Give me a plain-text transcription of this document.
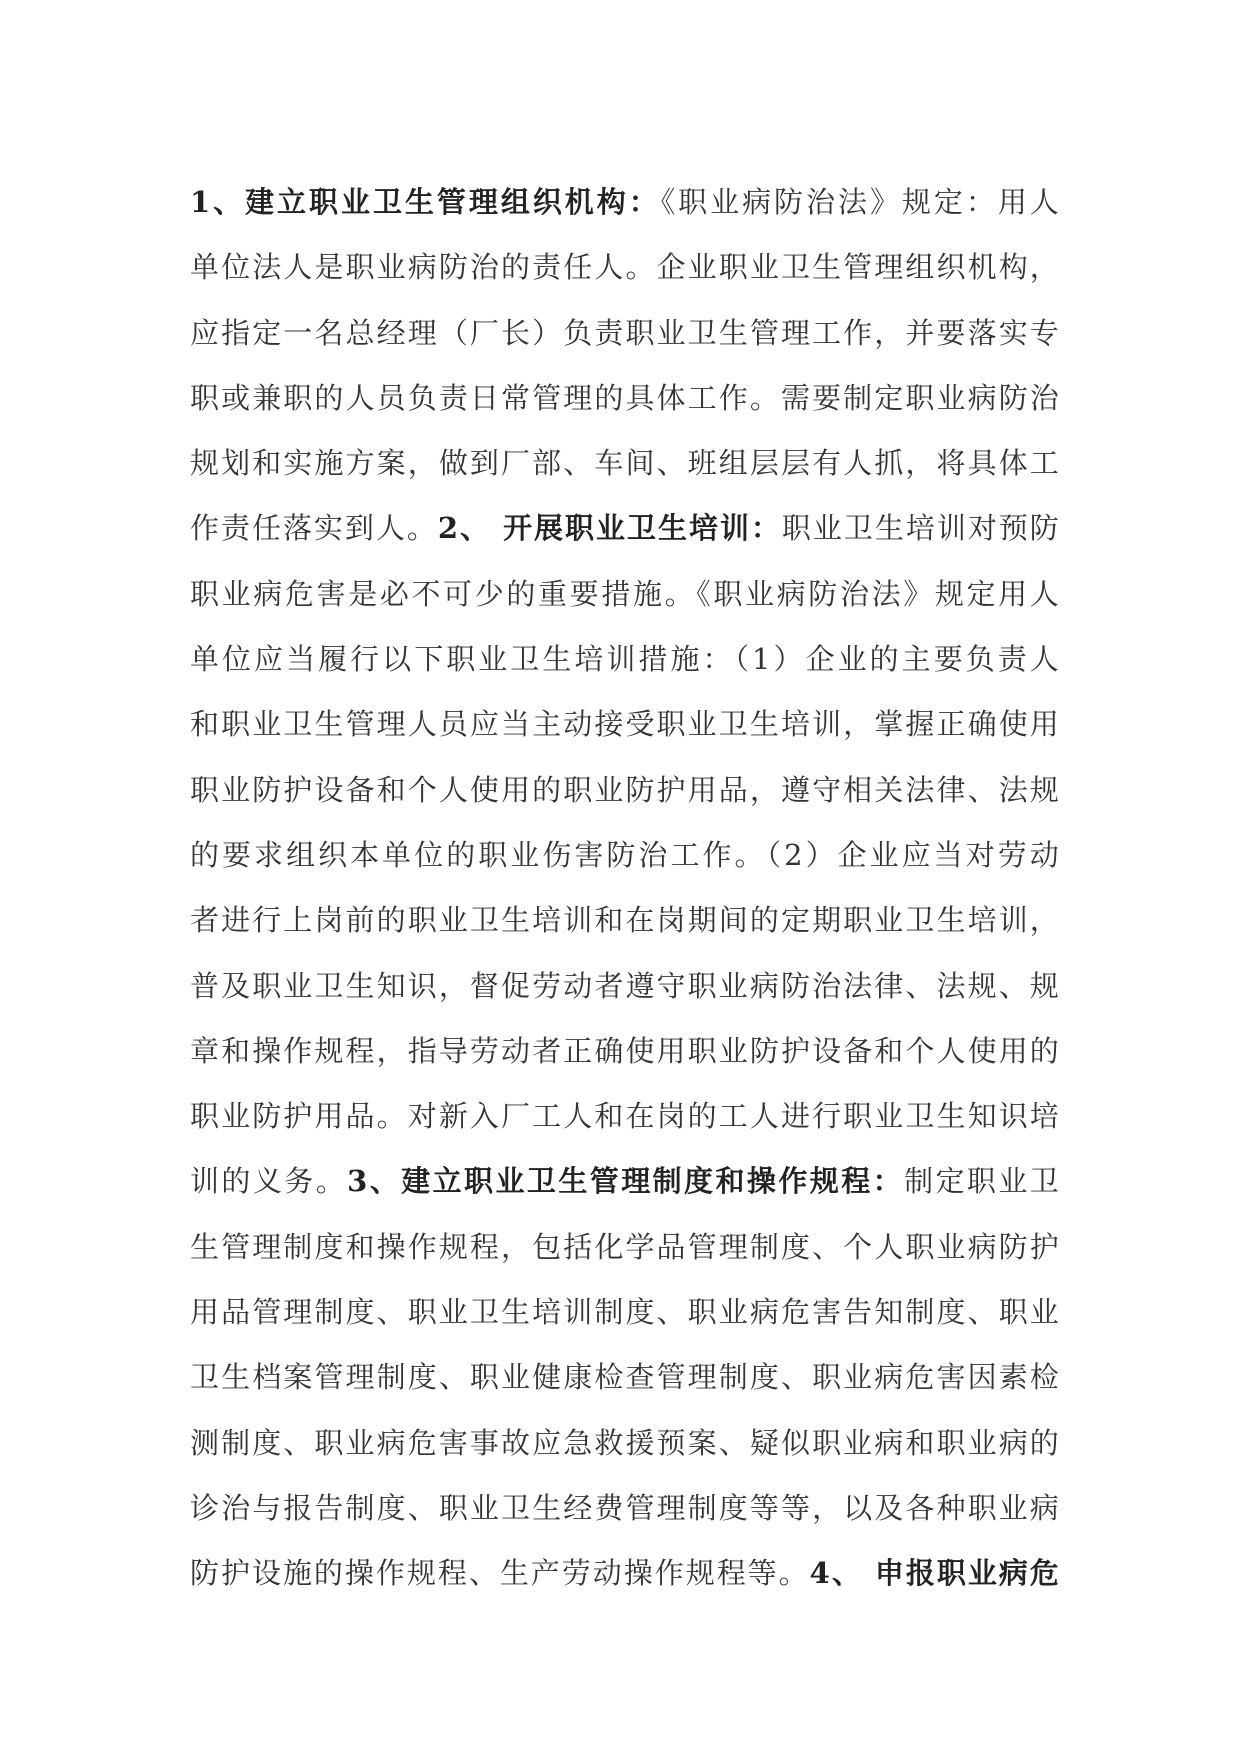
1、建立职业卫生管理组织机构：《职业病防治法》规定：用人
单位法人是职业病防治的责任人。企业职业卫生管理组织机构，
应指定一名总经理（厂长）负责职业卫生管理工作，并要落实专
职或兼职的人员负责日常管理的具体工作。需要制定职业病防治
规划和实施方案，做到厂部、车间、班组层层有人抓，将具体工
作责任落实到人。2、 开展职业卫生培训：职业卫生培训对预防
职业病危害是必不可少的重要措施。《职业病防治法》规定用人
单位应当履行以下职业卫生培训措施：（1）企业的主要负责人
和职业卫生管理人员应当主动接受职业卫生培训，掌握正确使用
职业防护设备和个人使用的职业防护用品，遵守相关法律、法规
的要求组织本单位的职业伤害防治工作。（2）企业应当对劳动
者进行上岗前的职业卫生培训和在岗期间的定期职业卫生培训，
普及职业卫生知识，督促劳动者遵守职业病防治法律、法规、规
章和操作规程，指导劳动者正确使用职业防护设备和个人使用的
职业防护用品。对新入厂工人和在岗的工人进行职业卫生知识培
训的义务。3、建立职业卫生管理制度和操作规程：制定职业卫
生管理制度和操作规程，包括化学品管理制度、个人职业病防护
用品管理制度、职业卫生培训制度、职业病危害告知制度、职业
卫生档案管理制度、职业健康检查管理制度、职业病危害因素检
测制度、职业病危害事故应急救援预案、疑似职业病和职业病的
诊治与报告制度、职业卫生经费管理制度等等，以及各种职业病
防护设施的操作规程、生产劳动操作规程等。4、 申报职业病危
